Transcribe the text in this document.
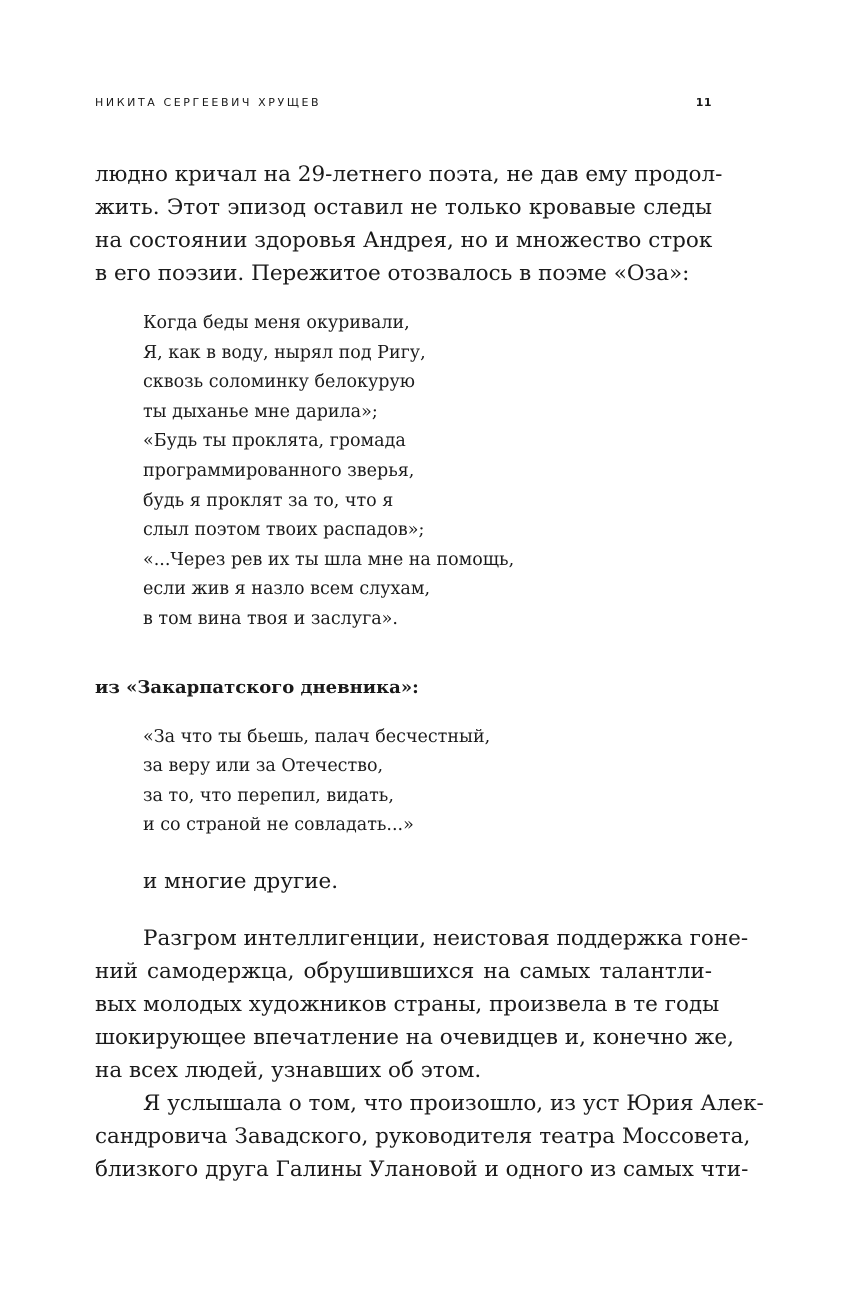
НИКИТА СЕРГЕЕВИЧ ХРУЩЕВ	11

людно кричал на 29-летнего поэта, не дав ему продол-
жить. Этот эпизод оставил не только кровавые следы
на состоянии здоровья Андрея, но и множество строк
в его поэзии. Пережитое отозвалось в поэме «Оза»:

Когда беды меня окуривали,
Я, как в воду, нырял под Ригу,
сквозь соломинку белокурую
ты дыханье мне дарила»;
«Будь ты проклята, громада
программированного зверья,
будь я проклят за то, что я
слыл поэтом твоих распадов»;
«...Через рев их ты шла мне на помощь,
если жив я назло всем слухам,
в том вина твоя и заслуга».

из «Закарпатского дневника»:

«За что ты бьешь, палач бесчестный,
за веру или за Отечество,
за то, что перепил, видать,
и со страной не совладать...»
и многие другие.

Разгром интеллигенции, неистовая поддержка гоне-
ний самодержца, обрушившихся на самых талантли-
вых молодых художников страны, произвела в те годы
шокирующее впечатление на очевидцев и, конечно же,
на всех людей, узнавших об этом.

Я услышала о том, что произошло, из уст Юрия Алек-
сандровича Завадского, руководителя театра Моссовета,
близкого друга Галины Улановой и одного из самых чти-
